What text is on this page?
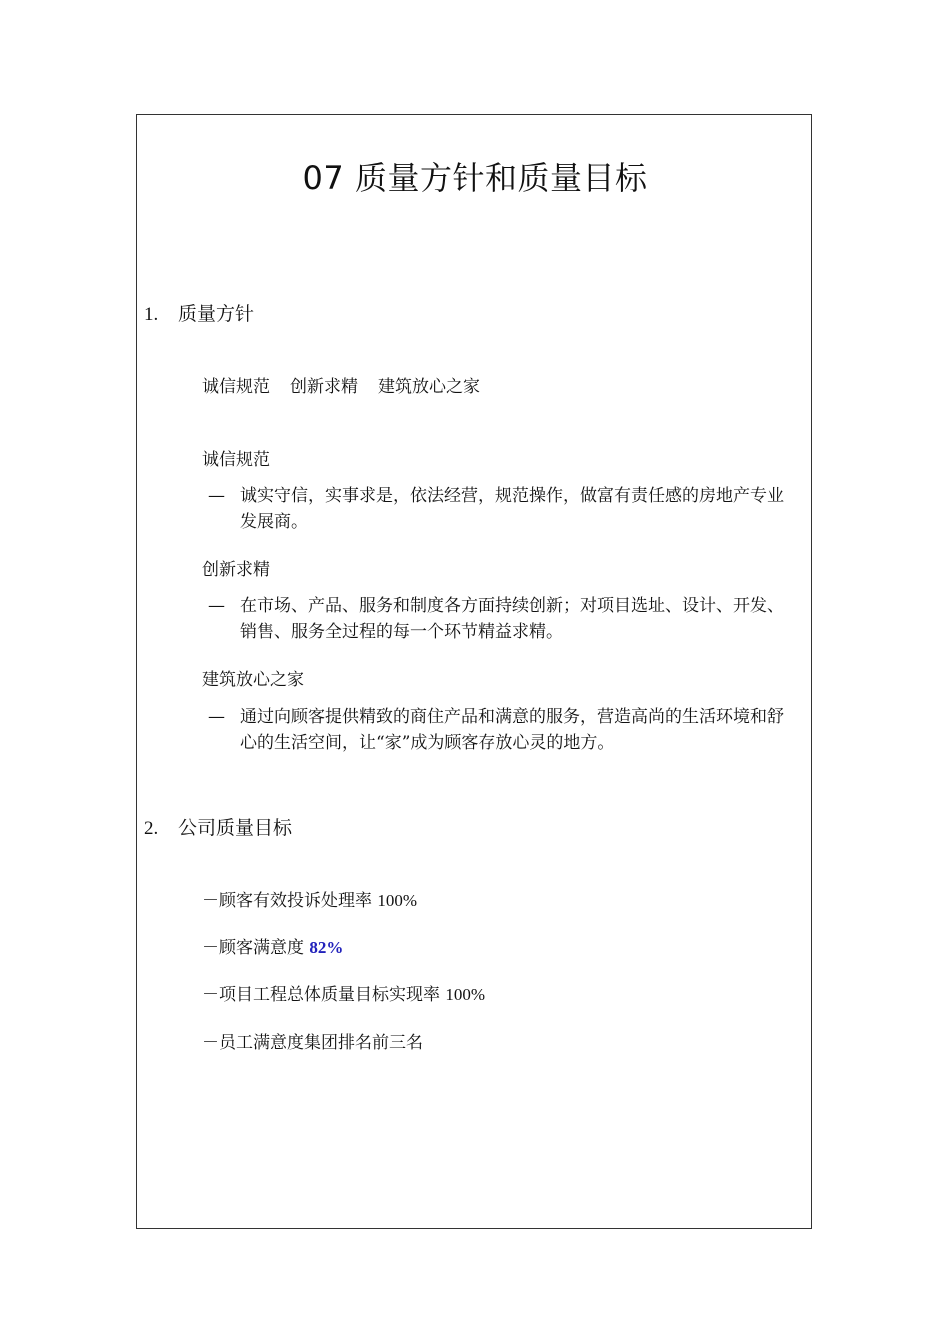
07 质量方针和质量目标
1. 质量方针
诚信规范 创新求精 建筑放心之家
诚信规范
— 诚实守信，实事求是，依法经营，规范操作，做富有责任感的房地产专业发展商。
创新求精
— 在市场、产品、服务和制度各方面持续创新；对项目选址、设计、开发、销售、服务全过程的每一个环节精益求精。
建筑放心之家
— 通过向顾客提供精致的商住产品和满意的服务，营造高尚的生活环境和舒心的生活空间，让“家”成为顾客存放心灵的地方。
2. 公司质量目标
－顾客有效投诉处理率 100%
－顾客满意度 82%
－项目工程总体质量目标实现率 100%
－员工满意度集团排名前三名
